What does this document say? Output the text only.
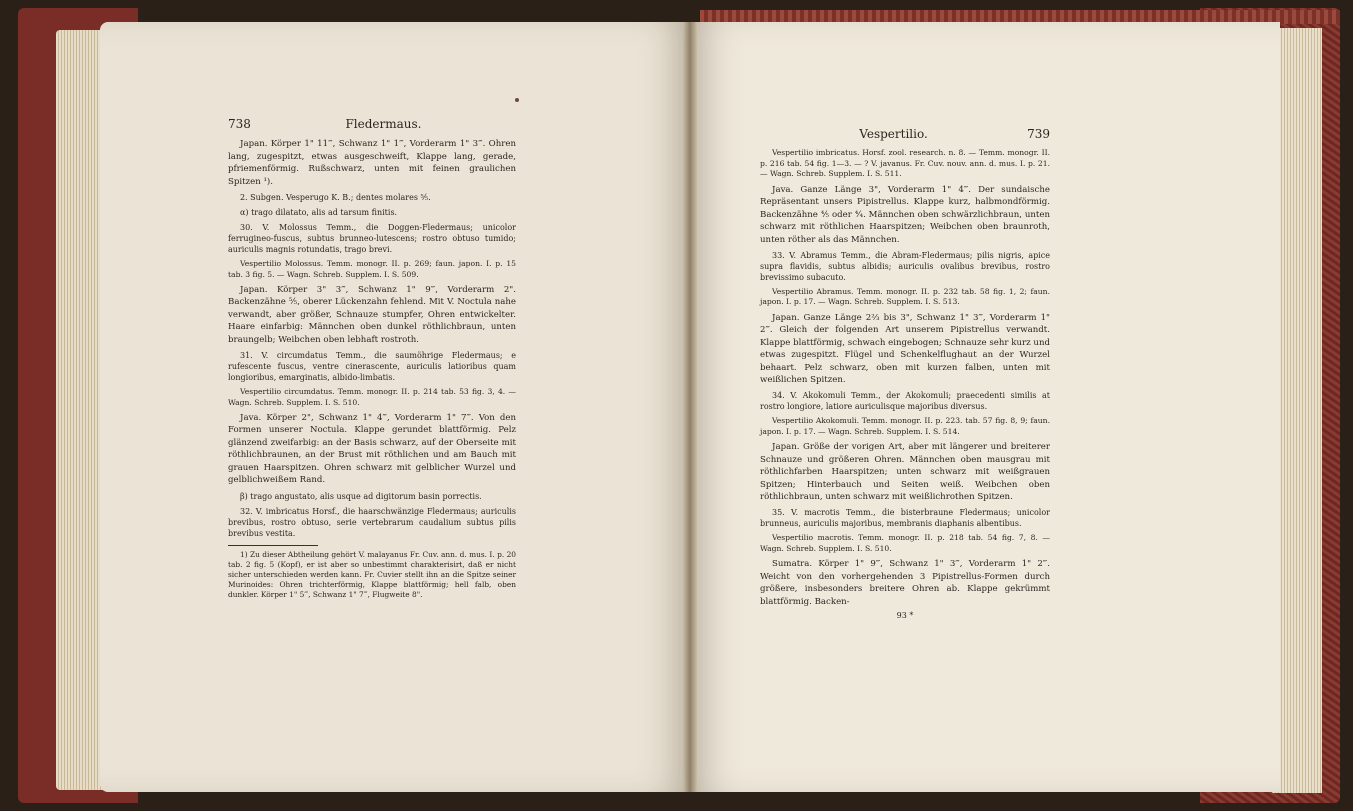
738	Fledermaus.

Japan. Körper 1" 11‴, Schwanz 1" 1‴, Vorderarm 1" 3‴. Ohren lang, zugespitzt, etwas ausgeschweift, Klappe lang, gerade, pfriemenförmig. Rußschwarz, unten mit feinen graulichen Spitzen ¹).

2. Subgen. Vesperugo K. B.; dentes molares ⁵⁄₅.

α) trago dilatato, alis ad tarsum finitis.

30. V. Molossus Temm., die Doggen-Fledermaus; unicolor ferrugineo-fuscus, subtus brunneo-lutescens; rostro obtuso tumido; auriculis magnis rotundatis, trago brevi.

Vespertilio Molossus. Temm. monogr. II. p. 269; faun. japon. I. p. 15 tab. 3 fig. 5. — Wagn. Schreb. Supplem. I. S. 509.

Japan. Körper 3" 3‴, Schwanz 1" 9‴, Vorderarm 2". Backenzähne ⁵⁄₅, oberer Lückenzahn fehlend. Mit V. Noctula nahe verwandt, aber größer, Schnauze stumpfer, Ohren entwickelter. Haare einfarbig: Männchen oben dunkel röthlichbraun, unten braungelb; Weibchen oben lebhaft rostroth.

31. V. circumdatus Temm., die saumöhrige Fledermaus; e rufescente fuscus, ventre cinerascente, auriculis latioribus quam longioribus, emarginatis, albido-limbatis.

Vespertilio circumdatus. Temm. monogr. II. p. 214 tab. 53 fig. 3, 4. — Wagn. Schreb. Supplem. I. S. 510.

Java. Körper 2", Schwanz 1" 4‴, Vorderarm 1" 7‴. Von den Formen unserer Noctula. Klappe gerundet blattförmig. Pelz glänzend zweifarbig: an der Basis schwarz, auf der Oberseite mit röthlichbraunen, an der Brust mit röthlichen und am Bauch mit grauen Haarspitzen. Ohren schwarz mit gelblicher Wurzel und gelblichweißem Rand.

β) trago angustato, alis usque ad digitorum basin porrectis.

32. V. imbricatus Horsf., die haarschwänzige Fledermaus; auriculis brevibus, rostro obtuso, serie vertebrarum caudalium subtus pilis brevibus vestita.

1) Zu dieser Abtheilung gehört V. malayanus Fr. Cuv. ann. d. mus. I. p. 20 tab. 2 fig. 5 (Kopf), er ist aber so unbestimmt charakterisirt, daß er nicht sicher unterschieden werden kann. Fr. Cuvier stellt ihn an die Spitze seiner Murinoides: Ohren trichterförmig, Klappe blattförmig; hell falb, oben dunkler. Körper 1" 5‴, Schwanz 1" 7‴, Flugweite 8".

Vespertilio.	739

Vespertilio imbricatus. Horsf. zool. research. n. 8. — Temm. monogr. II. p. 216 tab. 54 fig. 1—3. — ? V. javanus. Fr. Cuv. nouv. ann. d. mus. I. p. 21. — Wagn. Schreb. Supplem. I. S. 511.

Java. Ganze Länge 3", Vorderarm 1" 4‴. Der sundaische Repräsentant unsers Pipistrellus. Klappe kurz, halbmondförmig. Backenzähne ⁴⁄₅ oder ⁴⁄₄. Männchen oben schwärzlichbraun, unten schwarz mit röthlichen Haarspitzen; Weibchen oben braunroth, unten röther als das Männchen.

33. V. Abramus Temm., die Abram-Fledermaus; pilis nigris, apice supra flavidis, subtus albidis; auriculis ovalibus brevibus, rostro brevissimo subacuto.

Vespertilio Abramus. Temm. monogr. II. p. 232 tab. 58 fig. 1, 2; faun. japon. I. p. 17. — Wagn. Schreb. Supplem. I. S. 513.

Japan. Ganze Länge 2⅔ bis 3", Schwanz 1" 3‴, Vorderarm 1" 2‴. Gleich der folgenden Art unserem Pipistrellus verwandt. Klappe blattförmig, schwach eingebogen; Schnauze sehr kurz und etwas zugespitzt. Flügel und Schenkelflughaut an der Wurzel behaart. Pelz schwarz, oben mit kurzen falben, unten mit weißlichen Spitzen.

34. V. Akokomuli Temm., der Akokomuli; praecedenti similis at rostro longiore, latiore auriculisque majoribus diversus.

Vespertilio Akokomuli. Temm. monogr. II. p. 223. tab. 57 fig. 8, 9; faun. japon. I. p. 17. — Wagn. Schreb. Supplem. I. S. 514.

Japan. Größe der vorigen Art, aber mit längerer und breiterer Schnauze und größeren Ohren. Männchen oben mausgrau mit röthlichfarben Haarspitzen; unten schwarz mit weißgrauen Spitzen; Hinterbauch und Seiten weiß. Weibchen oben röthlichbraun, unten schwarz mit weißlichrothen Spitzen.

35. V. macrotis Temm., die bisterbraune Fledermaus; unicolor brunneus, auriculis majoribus, membranis diaphanis albentibus.

Vespertilio macrotis. Temm. monogr. II. p. 218 tab. 54 fig. 7, 8. — Wagn. Schreb. Supplem. I. S. 510.

Sumatra. Körper 1" 9‴, Schwanz 1" 3‴, Vorderarm 1" 2‴. Weicht von den vorhergehenden 3 Pipistrellus-Formen durch größere, insbesonders breitere Ohren ab. Klappe gekrümmt blattförmig. Backen-

93 *
